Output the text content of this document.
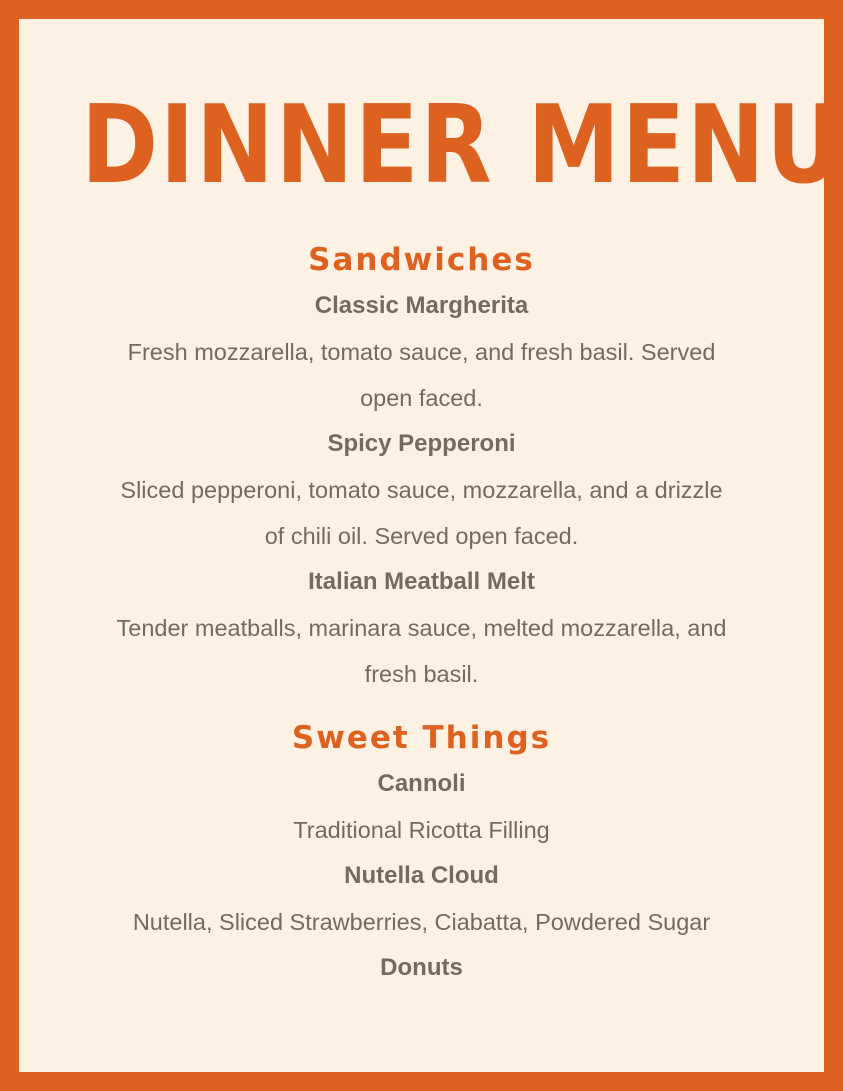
DINNER MENU
Sandwiches

Classic Margherita

Fresh mozzarella, tomato sauce, and fresh basil. Served

open faced.

Spicy Pepperoni

Sliced pepperoni, tomato sauce, mozzarella, and a drizzle

of chili oil. Served open faced.

Italian Meatball Melt

Tender meatballs, marinara sauce, melted mozzarella, and

fresh basil.

Sweet Things

Cannoli

Traditional Ricotta Filling

Nutella Cloud

Nutella, Sliced Strawberries, Ciabatta, Powdered Sugar

Donuts
